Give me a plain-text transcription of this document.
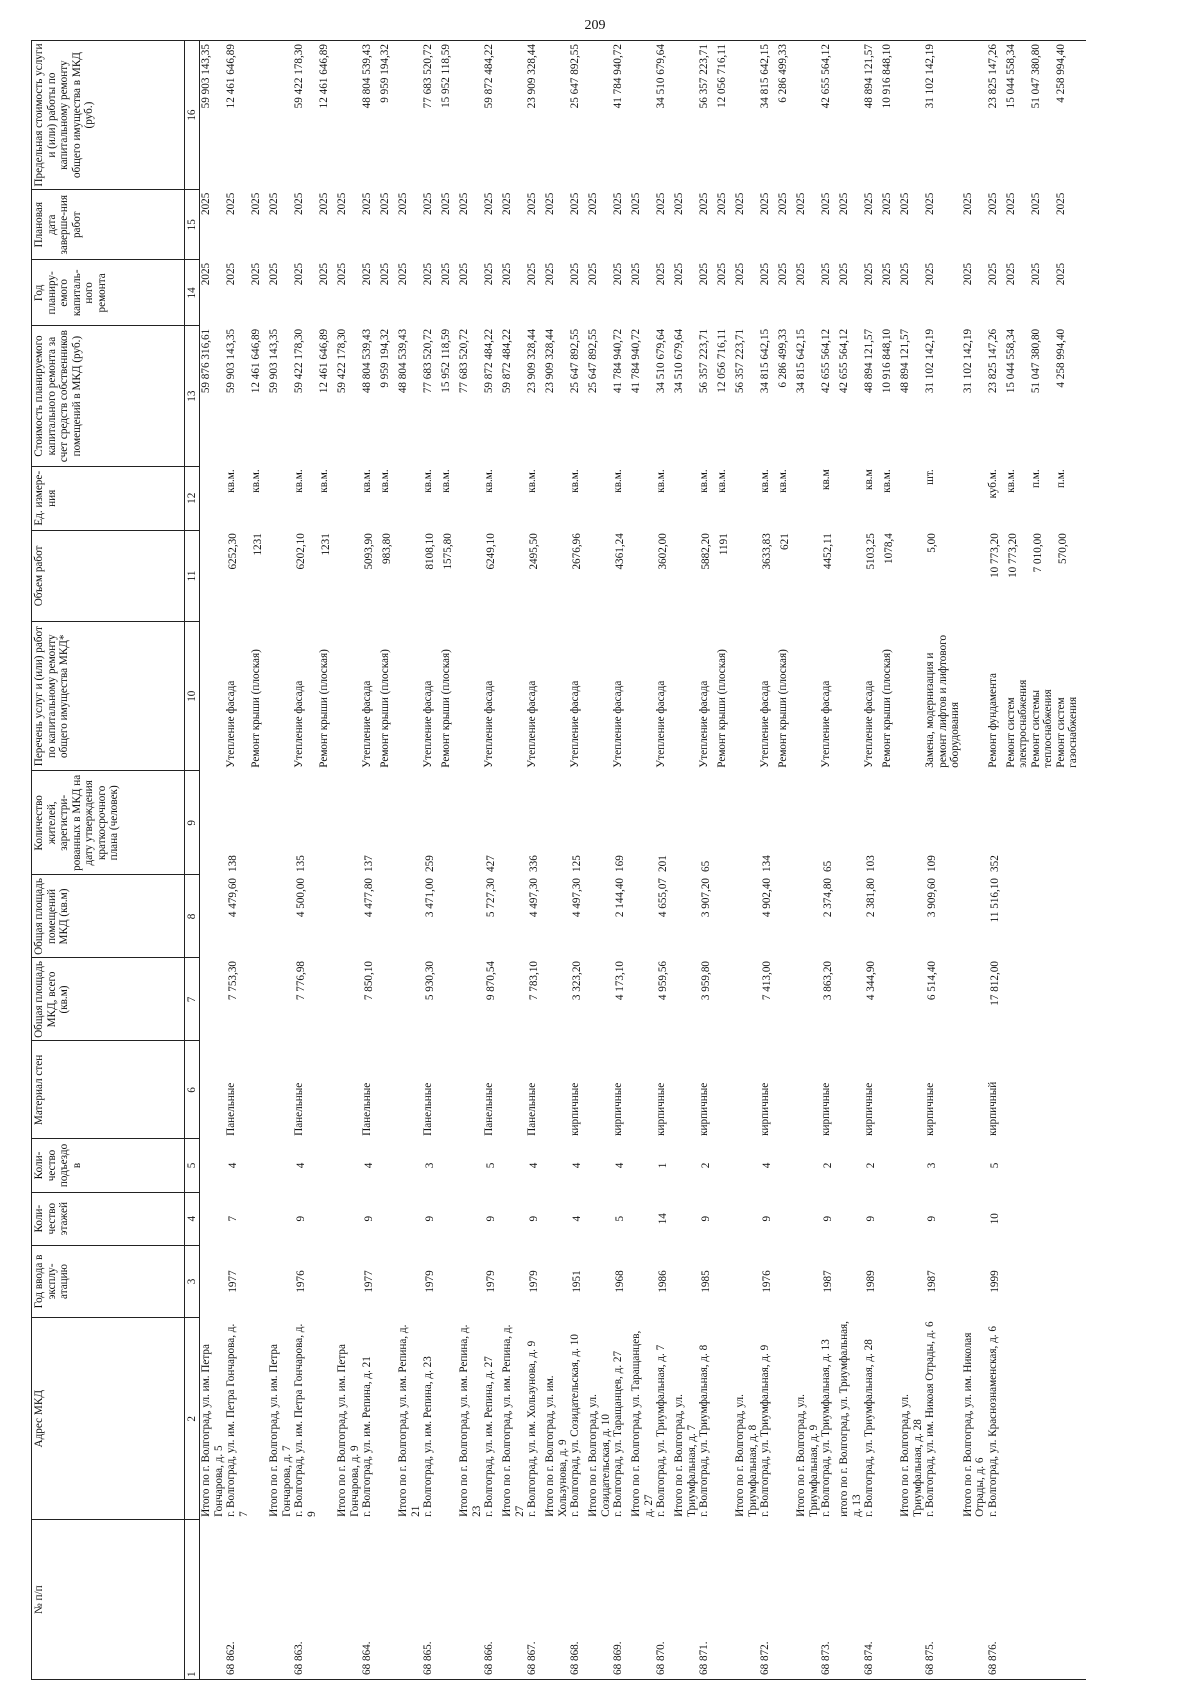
209
№ п/п	Адрес МКД	Год ввода в эксплу-атацию	Коли-чество этажей	Коли-чество подъездо в	Материал стен	Общая площадь МКД, всего (кв.м)	Общая площадь помещений МКД (кв.м)	Количество жителей, зарегистри-рованных в МКД на дату утверждения краткосрочного плана (человек)	Перечень услуг и (или) работ по капитальному ремонту общего имущества МКД*	Объем работ	Ед. измере-ния	Стоимость планируемого капитального ремонта за счет средств собственников помещений в МКД (руб.)	Год планиру-емого капиталь-ного ремонта	Плановая дата заверше-ния работ	Предельная стоимость услуги и (или) работы по капитальному ремонту общего имущества в МКД (руб.)
1	2	3	4	5	6	7	8	9	10	11	12	13	14	15	16
	Итого по г. Волгоград, ул. им. Петра Гончарова, д. 5											59 876 316,61	2025	2025	59 903 143,35
68 862.	г. Волгоград, ул. им. Петра Гончарова, д. 7	1977	7	4	Панельные	7 753,30	4 479,60	138	Утепление фасада	6252,30	кв.м.	59 903 143,35	2025	2025	12 461 646,89
									Ремонт крыши (плоская)	1231	кв.м.	12 461 646,89	2025	2025	
	Итого по г. Волгоград, ул. им. Петра Гончарова, д. 7											59 903 143,35	2025	2025	
68 863.	г. Волгоград, ул. им. Петра Гончарова, д. 9	1976	9	4	Панельные	7 776,98	4 500,00	135	Утепление фасада	6202,10	кв.м.	59 422 178,30	2025	2025	59 422 178,30
									Ремонт крыши (плоская)	1231	кв.м.	12 461 646,89	2025	2025	12 461 646,89
	Итого по г. Волгоград, ул. им. Петра Гончарова, д. 9											59 422 178,30	2025	2025	
68 864.	г. Волгоград, ул. им. Репина, д. 21	1977	9	4	Панельные	7 850,10	4 477,80	137	Утепление фасада	5093,90	кв.м.	48 804 539,43	2025	2025	48 804 539,43
									Ремонт крыши (плоская)	983,80	кв.м.	9 959 194,32	2025	2025	9 959 194,32
	Итого по г. Волгоград, ул. им. Репина, д. 21											48 804 539,43	2025	2025	
68 865.	г. Волгоград, ул. им. Репина, д. 23	1979	9	3	Панельные	5 930,30	3 471,00	259	Утепление фасада	8108,10	кв.м.	77 683 520,72	2025	2025	77 683 520,72
									Ремонт крыши (плоская)	1575,80	кв.м.	15 952 118,59	2025	2025	15 952 118,59
	Итого по г. Волгоград, ул. им. Репина, д. 23											77 683 520,72	2025	2025	
68 866.	г. Волгоград, ул. им. Репина, д. 27	1979	9	5	Панельные	9 870,54	5 727,30	427	Утепление фасада	6249,10	кв.м.	59 872 484,22	2025	2025	59 872 484,22
	Итого по г. Волгоград, ул. им. Репина, д. 27											59 872 484,22	2025	2025	
68 867.	г. Волгоград, ул. им. Хользунова, д. 9	1979	9	4	Панельные	7 783,10	4 497,30	336	Утепление фасада	2495,50	кв.м.	23 909 328,44	2025	2025	23 909 328,44
	Итого по г. Волгоград, ул. им. Хользунова, д. 9											23 909 328,44	2025	2025	
68 868.	г. Волгоград, ул. Созидательская, д. 10	1951	4	4	кирпичные	3 323,20	4 497,30	125	Утепление фасада	2676,96	кв.м.	25 647 892,55	2025	2025	25 647 892,55
	Итого по г. Волгоград, ул. Созидательская, д. 10											25 647 892,55	2025	2025	
68 869.	г. Волгоград, ул. Таращанцев, д. 27	1968	5	4	кирпичные	4 173,10	2 144,40	169	Утепление фасада	4361,24	кв.м.	41 784 940,72	2025	2025	41 784 940,72
	Итого по г. Волгоград, ул. Таращанцев, д. 27											41 784 940,72	2025	2025	
68 870.	г. Волгоград, ул. Триумфальная, д. 7	1986	14	1	кирпичные	4 959,56	4 655,07	201	Утепление фасада	3602,00	кв.м.	34 510 679,64	2025	2025	34 510 679,64
	Итого по г. Волгоград, ул. Триумфальная, д. 7											34 510 679,64	2025	2025	
68 871.	г. Волгоград, ул. Триумфальная, д. 8	1985	9	2	кирпичные	3 959,80	3 907,20	65	Утепление фасада	5882,20	кв.м.	56 357 223,71	2025	2025	56 357 223,71
									Ремонт крыши (плоская)	1191	кв.м.	12 056 716,11	2025	2025	12 056 716,11
	Итого по г. Волгоград, ул. Триумфальная, д. 8											56 357 223,71	2025	2025	
68 872.	г. Волгоград, ул. Триумфальная, д. 9	1976	9	4	кирпичные	7 413,00	4 902,40	134	Утепление фасада	3633,83	кв.м.	34 815 642,15	2025	2025	34 815 642,15
									Ремонт крыши (плоская)	621	кв.м.	6 286 499,33	2025	2025	6 286 499,33
	Итого по г. Волгоград, ул. Триумфальная, д. 9											34 815 642,15	2025	2025	
68 873.	г. Волгоград, ул. Триумфальная, д. 13	1987	9	2	кирпичные	3 863,20	2 374,80	65	Утепление фасада	4452,11	кв.м	42 655 564,12	2025	2025	42 655 564,12
	итого по г. Волгоград, ул. Триумфальная, д. 13											42 655 564,12	2025	2025	
68 874.	г. Волгоград, ул. Триумфальная, д. 28	1989	9	2	кирпичные	4 344,90	2 381,80	103	Утепление фасада	5103,25	кв.м	48 894 121,57	2025	2025	48 894 121,57
									Ремонт крыши (плоская)	1078,4	кв.м.	10 916 848,10	2025	2025	10 916 848,10
	Итого по г. Волгоград, ул. Триумфальная, д. 28											48 894 121,57	2025	2025	
68 875.	г. Волгоград, ул. им. Никоая Отрады, д. 6	1987	9	3	кирпичные	6 514,40	3 909,60	109	Замена, модернизация и ремонт лифтов и лифтового оборудования	5,00	шт.	31 102 142,19	2025	2025	31 102 142,19
	Итого по г. Волгоград, ул. им. Николая Отрады, д. 6											31 102 142,19	2025	2025	
68 876.	г. Волгоград, ул. Краснознаменская, д. 6	1999	10	5	кирпичный	17 812,00	11 516,10	352	Ремонт фундамента	10 773,20	куб.м.	23 825 147,26	2025	2025	23 825 147,26
									Ремонт систем электроснабжения	10 773,20	кв.м.	15 044 558,34	2025	2025	15 044 558,34
									Ремонт системы теплоснабжения	7 010,00	п.м.	51 047 380,80	2025	2025	51 047 380,80
									Ремонт систем газоснабжения	570,00	п.м.	4 258 994,40	2025	2025	4 258 994,40
